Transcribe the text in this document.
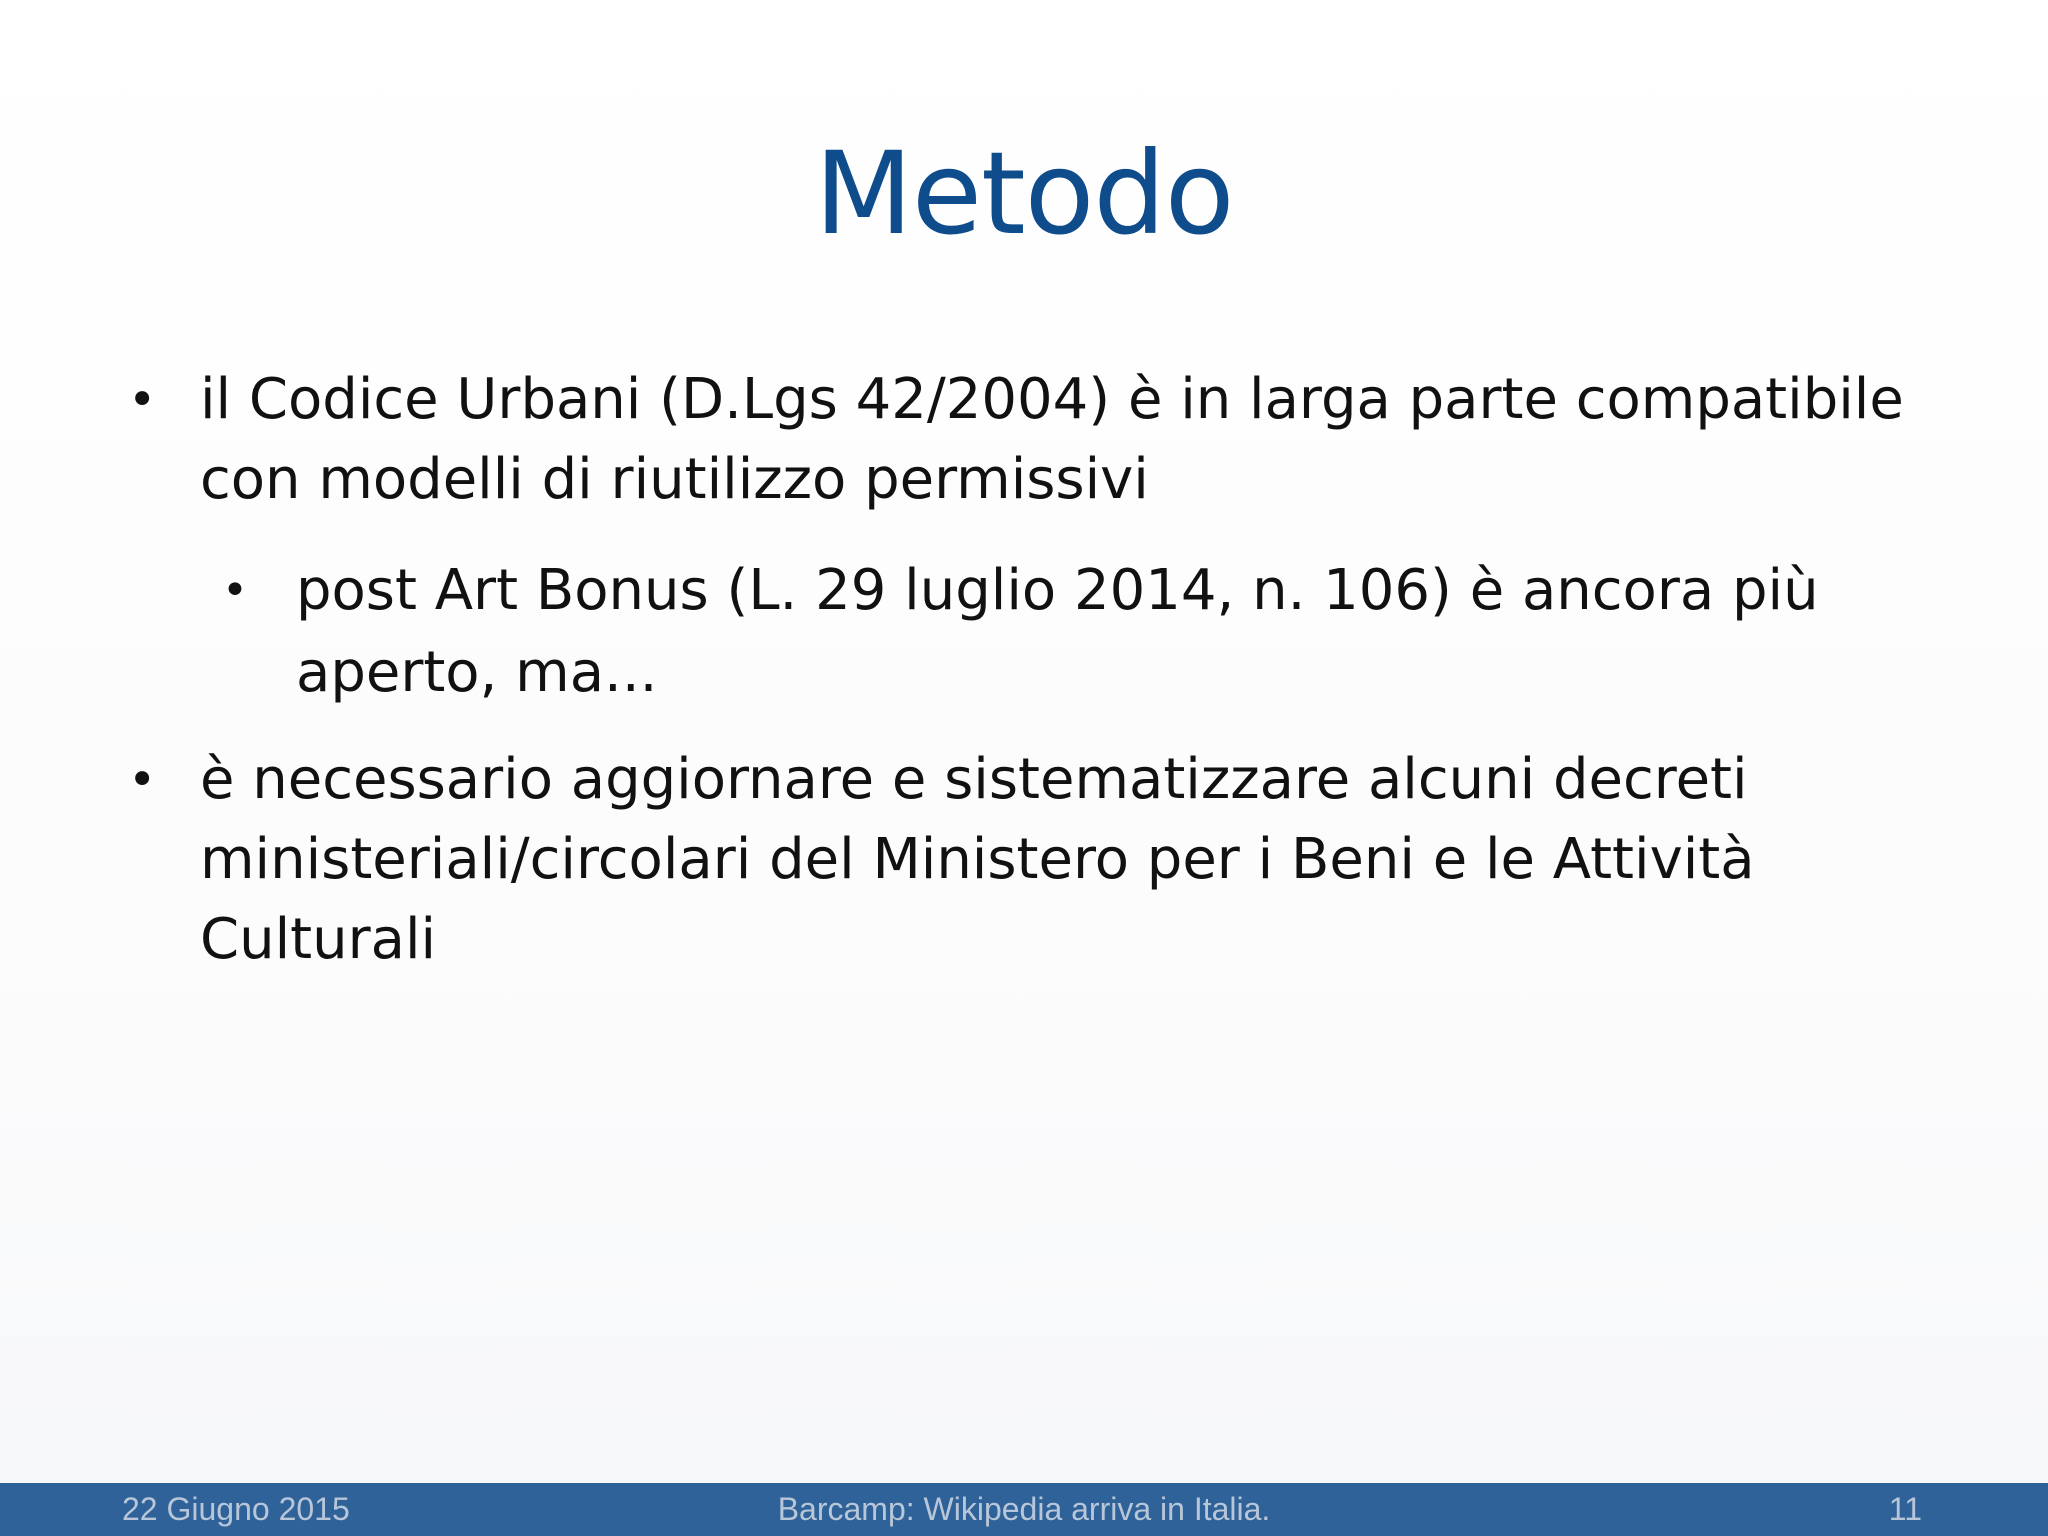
Metodo
• il Codice Urbani (D.Lgs 42/2004) è in larga parte compatibile
con modelli di riutilizzo permissivi
• post Art Bonus (L. 29 luglio 2014, n. 106) è ancora più
aperto, ma...
• è necessario aggiornare e sistematizzare alcuni decreti
ministeriali/circolari del Ministero per i Beni e le Attività
Culturali
22 Giugno 2015	Barcamp: Wikipedia arriva in Italia.	11
